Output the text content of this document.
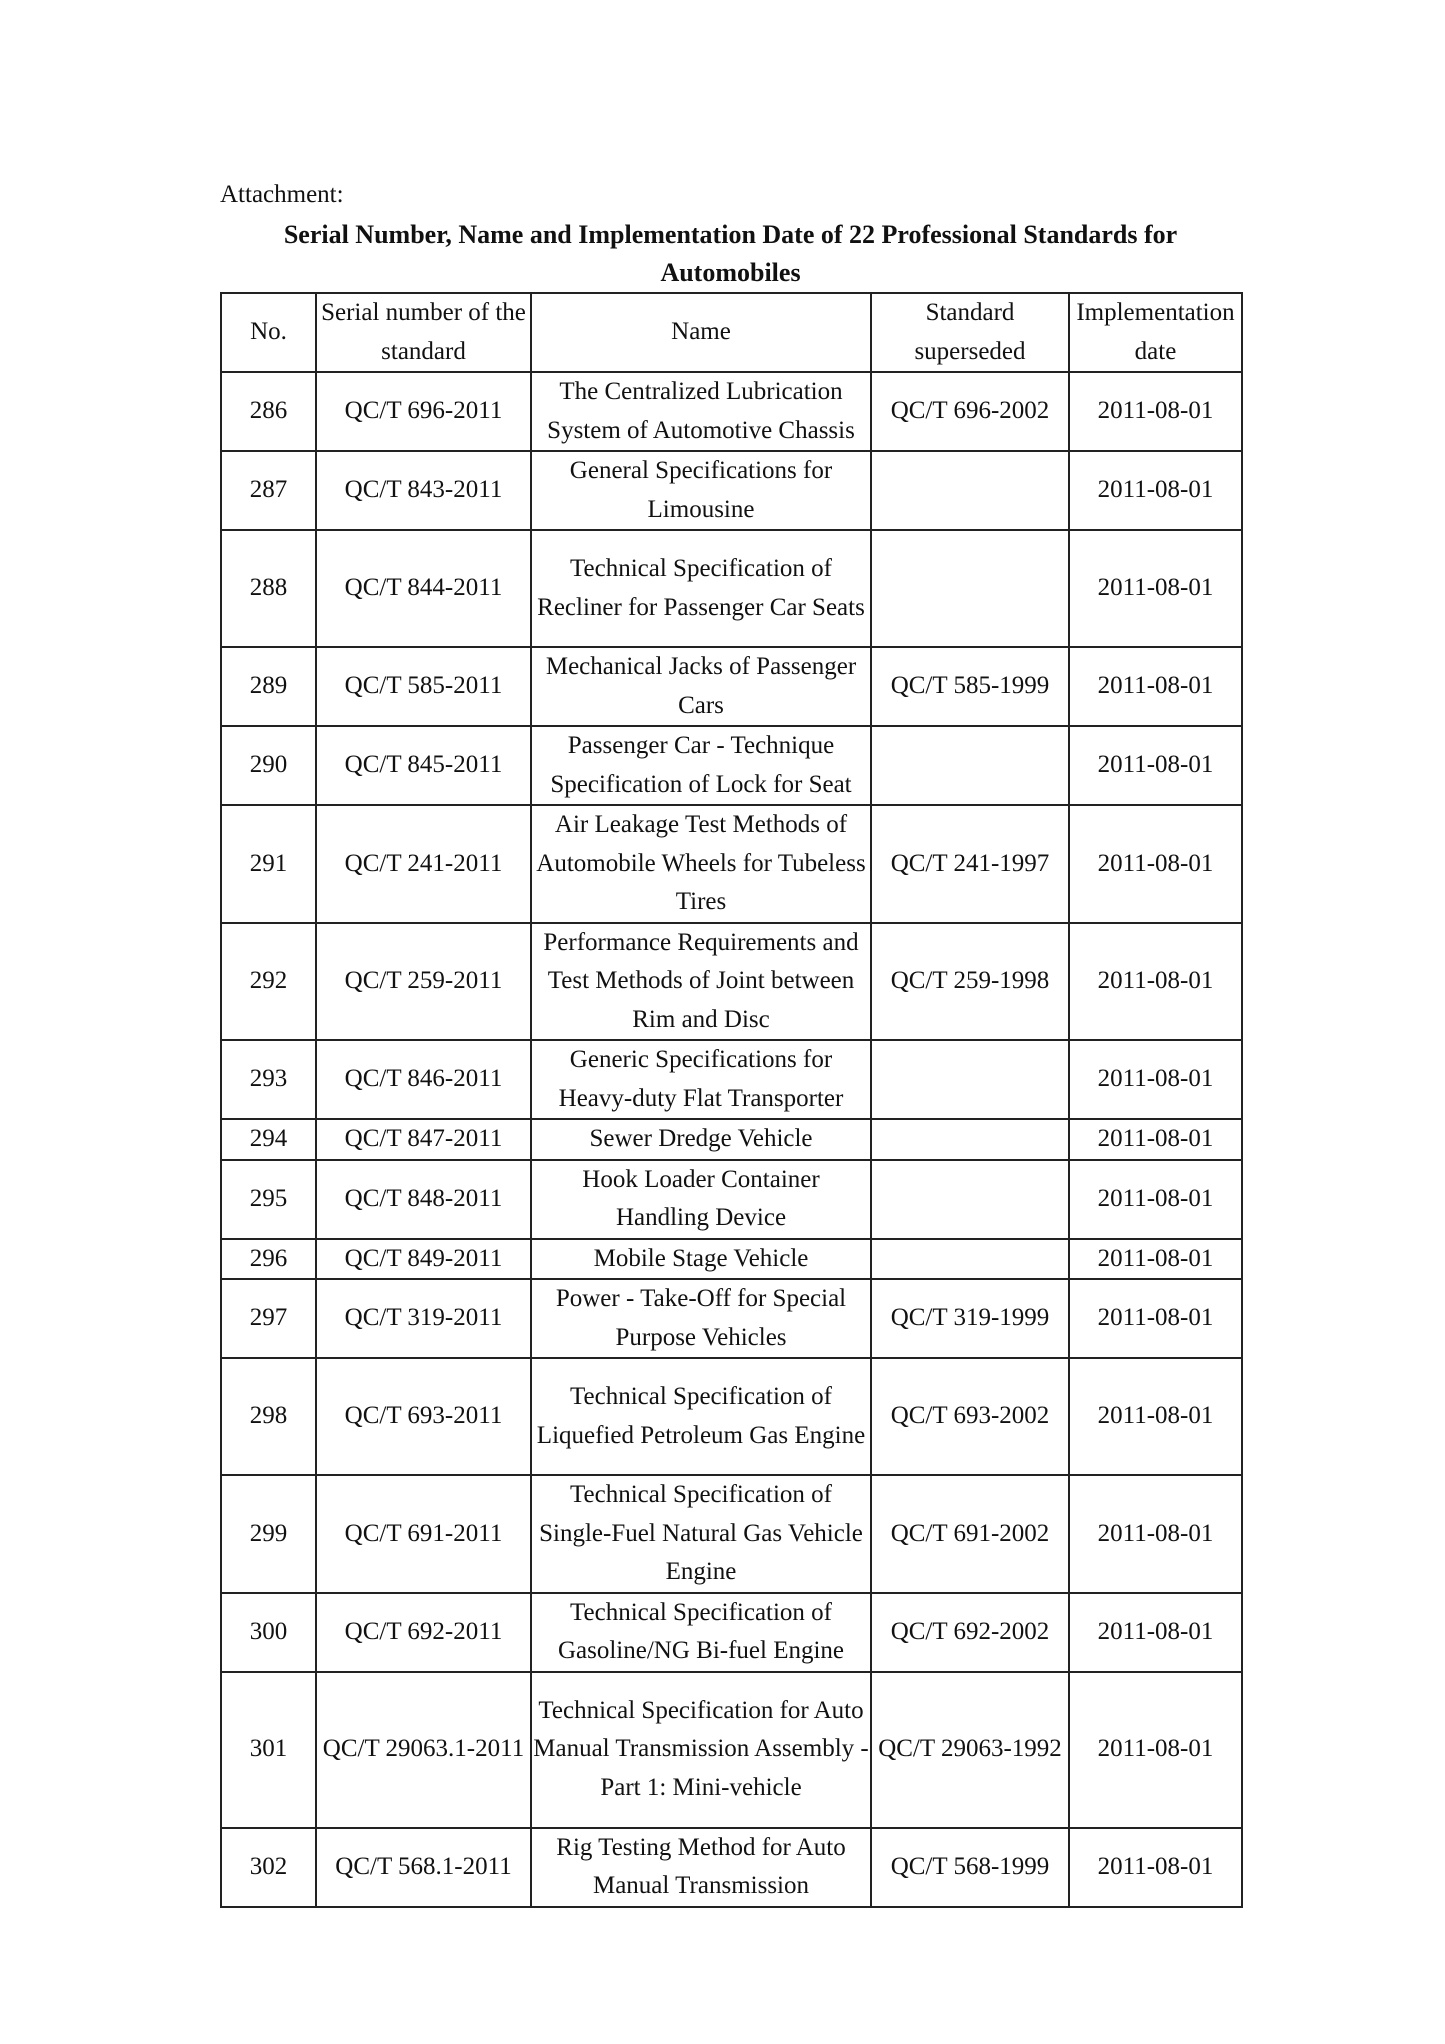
Attachment:
Serial Number, Name and Implementation Date of 22 Professional Standards for Automobiles
No.	Serial number of the standard	Name	Standard superseded	Implementation date
286	QC/T 696-2011	The Centralized Lubrication System of Automotive Chassis	QC/T 696-2002	2011-08-01
287	QC/T 843-2011	General Specifications for Limousine		2011-08-01
288	QC/T 844-2011	Technical Specification of Recliner for Passenger Car Seats		2011-08-01
289	QC/T 585-2011	Mechanical Jacks of Passenger Cars	QC/T 585-1999	2011-08-01
290	QC/T 845-2011	Passenger Car - Technique Specification of Lock for Seat		2011-08-01
291	QC/T 241-2011	Air Leakage Test Methods of Automobile Wheels for Tubeless Tires	QC/T 241-1997	2011-08-01
292	QC/T 259-2011	Performance Requirements and Test Methods of Joint between Rim and Disc	QC/T 259-1998	2011-08-01
293	QC/T 846-2011	Generic Specifications for Heavy-duty Flat Transporter		2011-08-01
294	QC/T 847-2011	Sewer Dredge Vehicle		2011-08-01
295	QC/T 848-2011	Hook Loader Container Handling Device		2011-08-01
296	QC/T 849-2011	Mobile Stage Vehicle		2011-08-01
297	QC/T 319-2011	Power - Take-Off for Special Purpose Vehicles	QC/T 319-1999	2011-08-01
298	QC/T 693-2011	Technical Specification of Liquefied Petroleum Gas Engine	QC/T 693-2002	2011-08-01
299	QC/T 691-2011	Technical Specification of Single-Fuel Natural Gas Vehicle Engine	QC/T 691-2002	2011-08-01
300	QC/T 692-2011	Technical Specification of Gasoline/NG Bi-fuel Engine	QC/T 692-2002	2011-08-01
301	QC/T 29063.1-2011	Technical Specification for Auto Manual Transmission Assembly - Part 1: Mini-vehicle	QC/T 29063-1992	2011-08-01
302	QC/T 568.1-2011	Rig Testing Method for Auto Manual Transmission	QC/T 568-1999	2011-08-01
